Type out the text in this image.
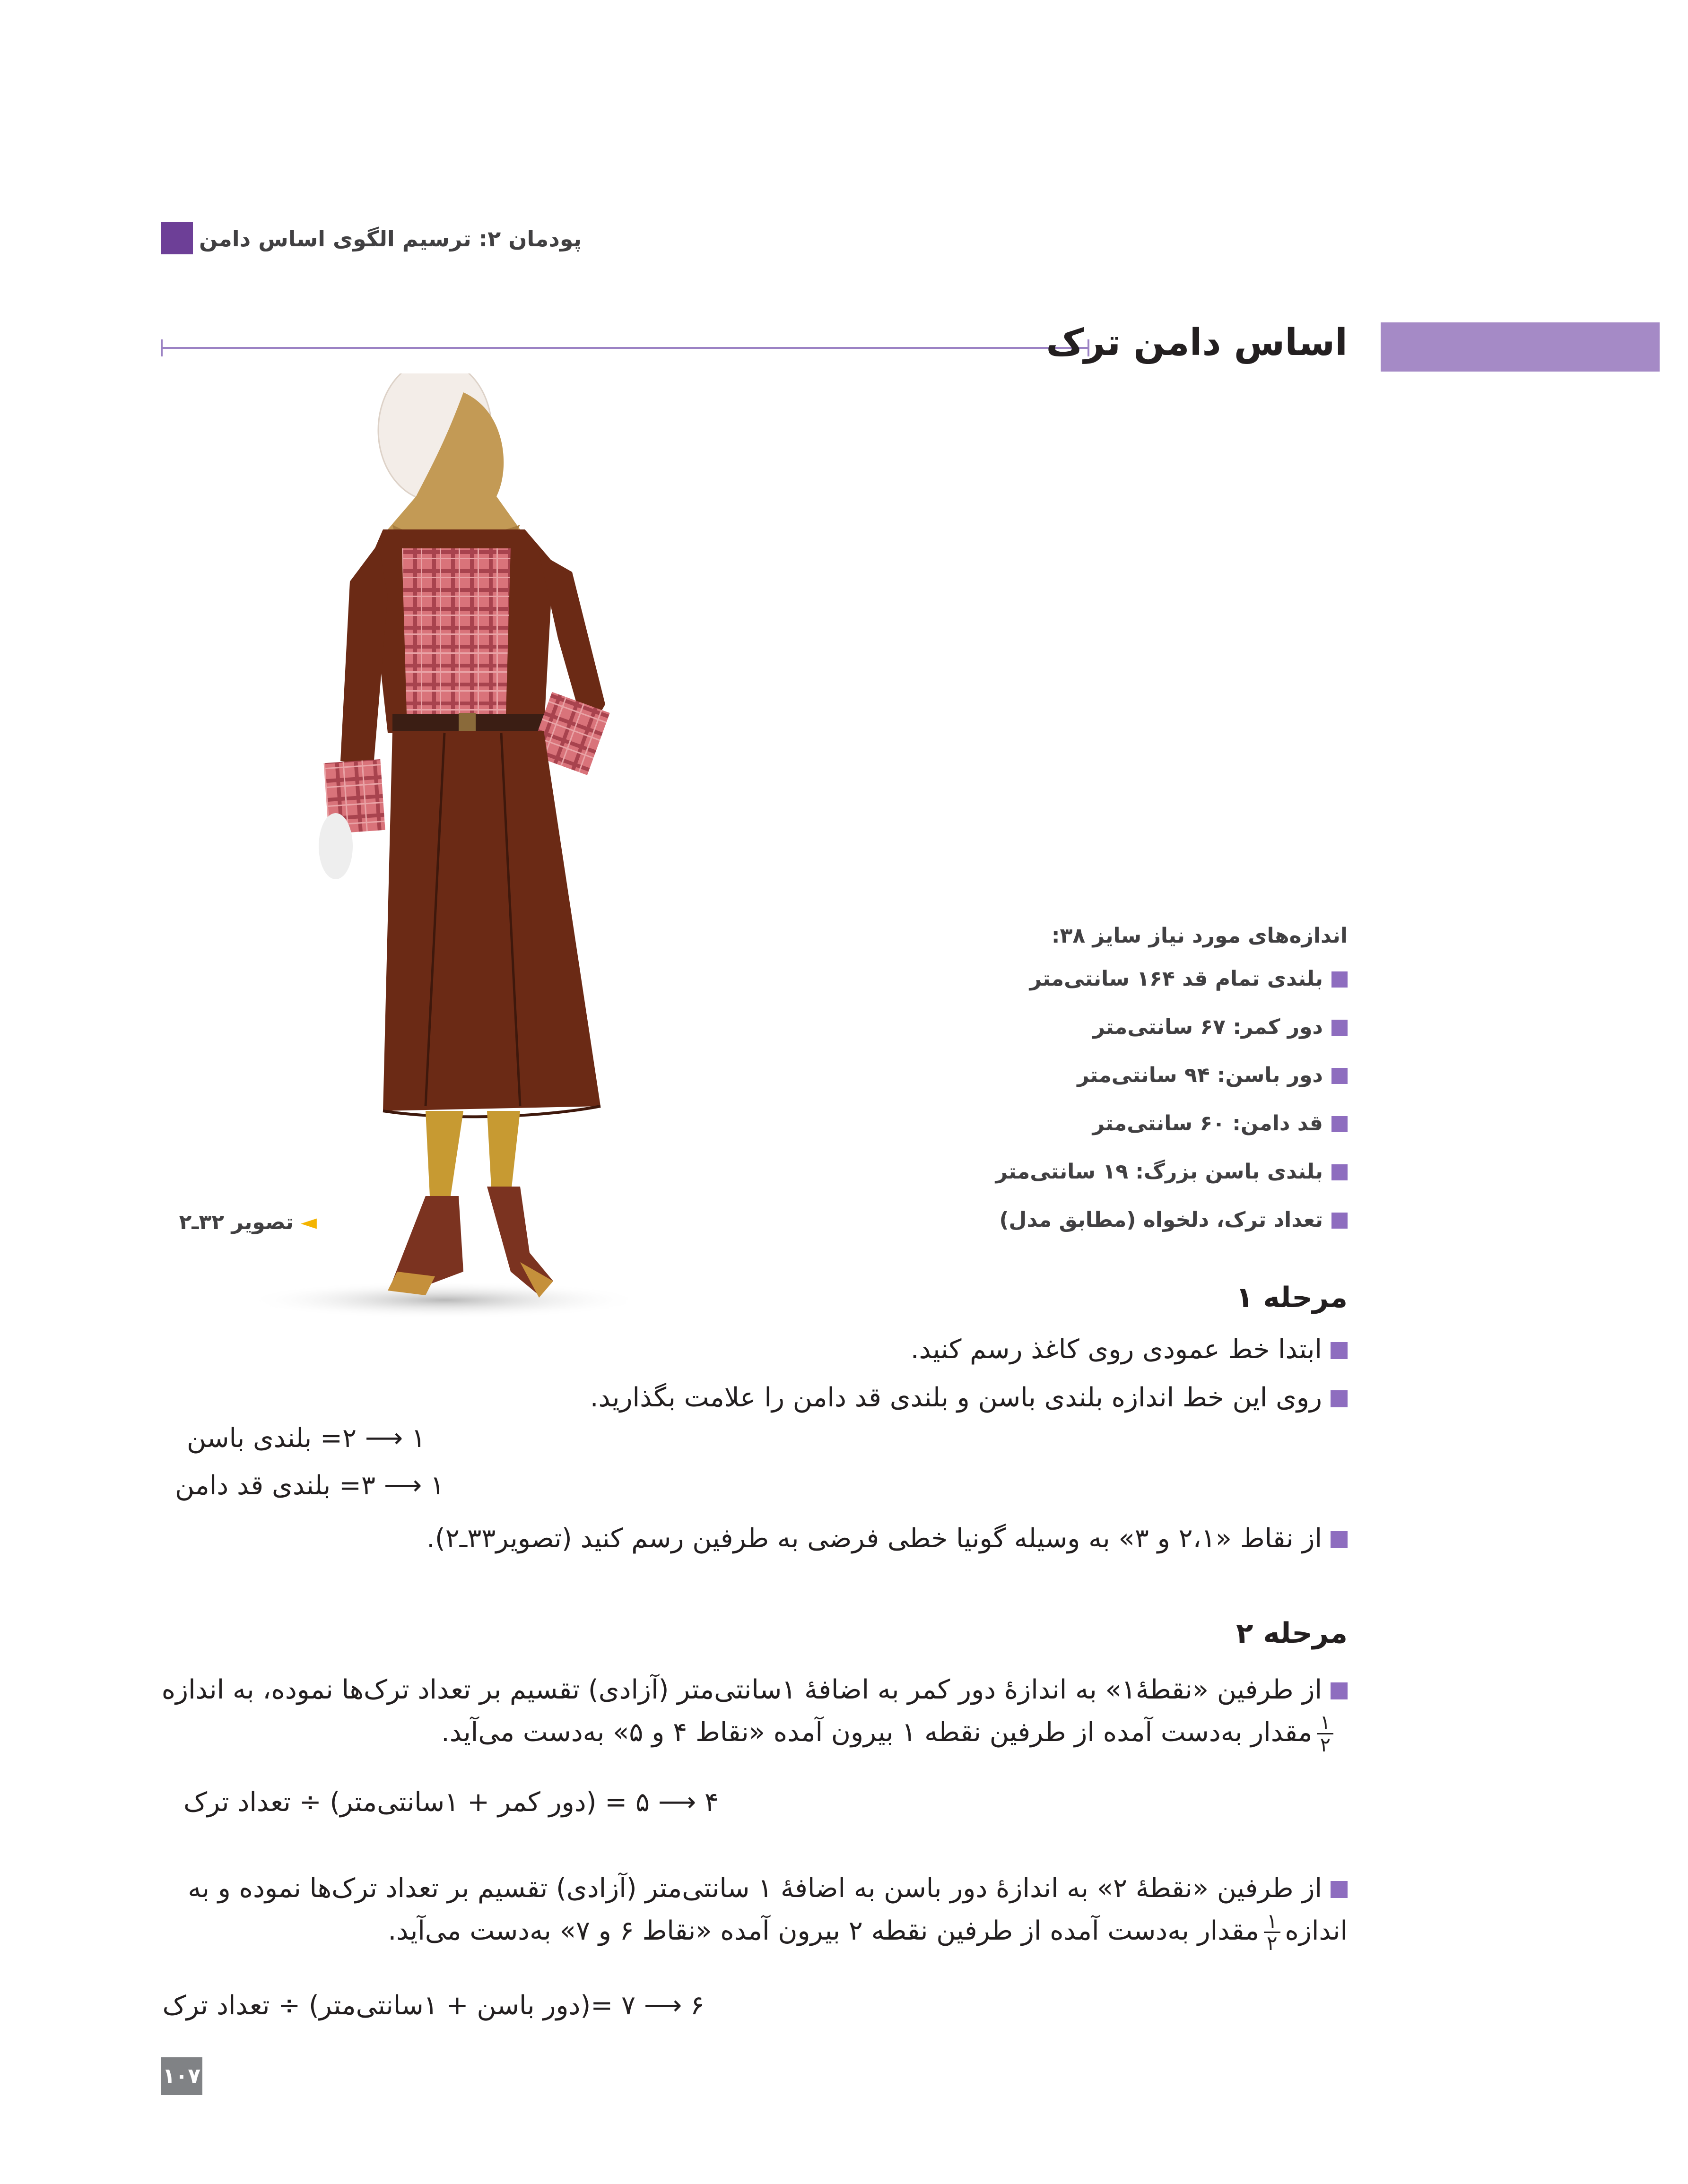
پودمان ۲: ترسیم الگوی اساس دامن
اساس دامن ترک
◄ تصویر ۳۲ـ۲
اندازه‌های مورد نیاز سایز ۳۸:
بلندی تمام قد ۱۶۴ سانتی‌متر
دور کمر: ۶۷ سانتی‌متر
دور باسن: ۹۴ سانتی‌متر
قد دامن: ۶۰ سانتی‌متر
بلندی باسن بزرگ: ۱۹ سانتی‌متر
تعداد ترک، دلخواه (مطابق مدل)
مرحله ۱
ابتدا خط عمودی روی کاغذ رسم کنید.
روی این خط اندازه بلندی باسن و بلندی قد دامن را علامت بگذارید.
۱ ⟶ ۲= بلندی باسن
۱ ⟶ ۳= بلندی قد دامن
از نقاط «۲،۱ و ۳» به وسیله گونیا خطی فرضی به طرفین رسم کنید (تصویر۳۳ـ۲).
مرحله ۲
از طرفین «نقطۀ۱» به اندازۀ دور کمر به اضافۀ ۱سانتی‌متر (آزادی) تقسیم بر تعداد ترک‌ها نموده، به اندازه
$\frac{۱}{۲}$
مقدار به‌دست آمده از طرفین نقطه ۱ بیرون آمده «نقاط ۴ و ۵» به‌دست می‌آید.
۴ ⟶ ۵ = (دور کمر + ۱سانتی‌متر) ÷ تعداد ترک
از طرفین «نقطۀ ۲» به اندازۀ دور باسن به اضافۀ ۱ سانتی‌متر (آزادی) تقسیم بر تعداد ترک‌ها نموده و به
اندازه
$\frac{۱}{۲}$
مقدار به‌دست آمده از طرفین نقطه ۲ بیرون آمده «نقاط ۶ و ۷» به‌دست می‌آید.
۶ ⟶ ۷ =(دور باسن + ۱سانتی‌متر) ÷ تعداد ترک
۱۰۷
